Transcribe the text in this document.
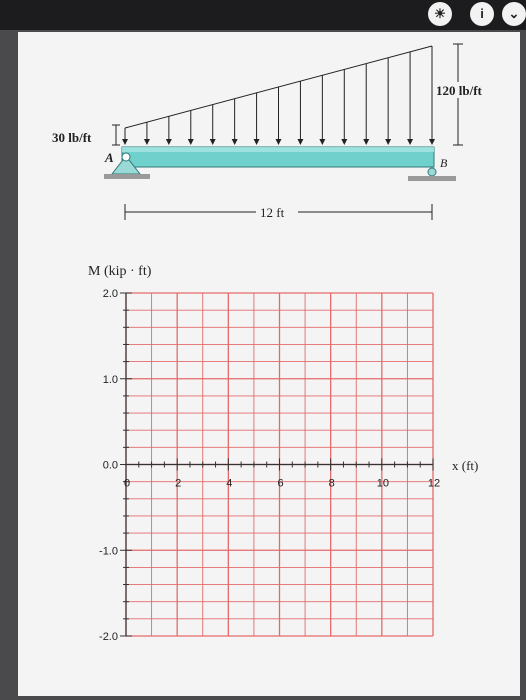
☀	i	⌄
30 lb/ft
120 lb/ft
A	B
12 ft
M (kip · ft)
2.0
1.0
0.0
-1.0
-2.0
0	2	4	6	8	10	12
x (ft)
